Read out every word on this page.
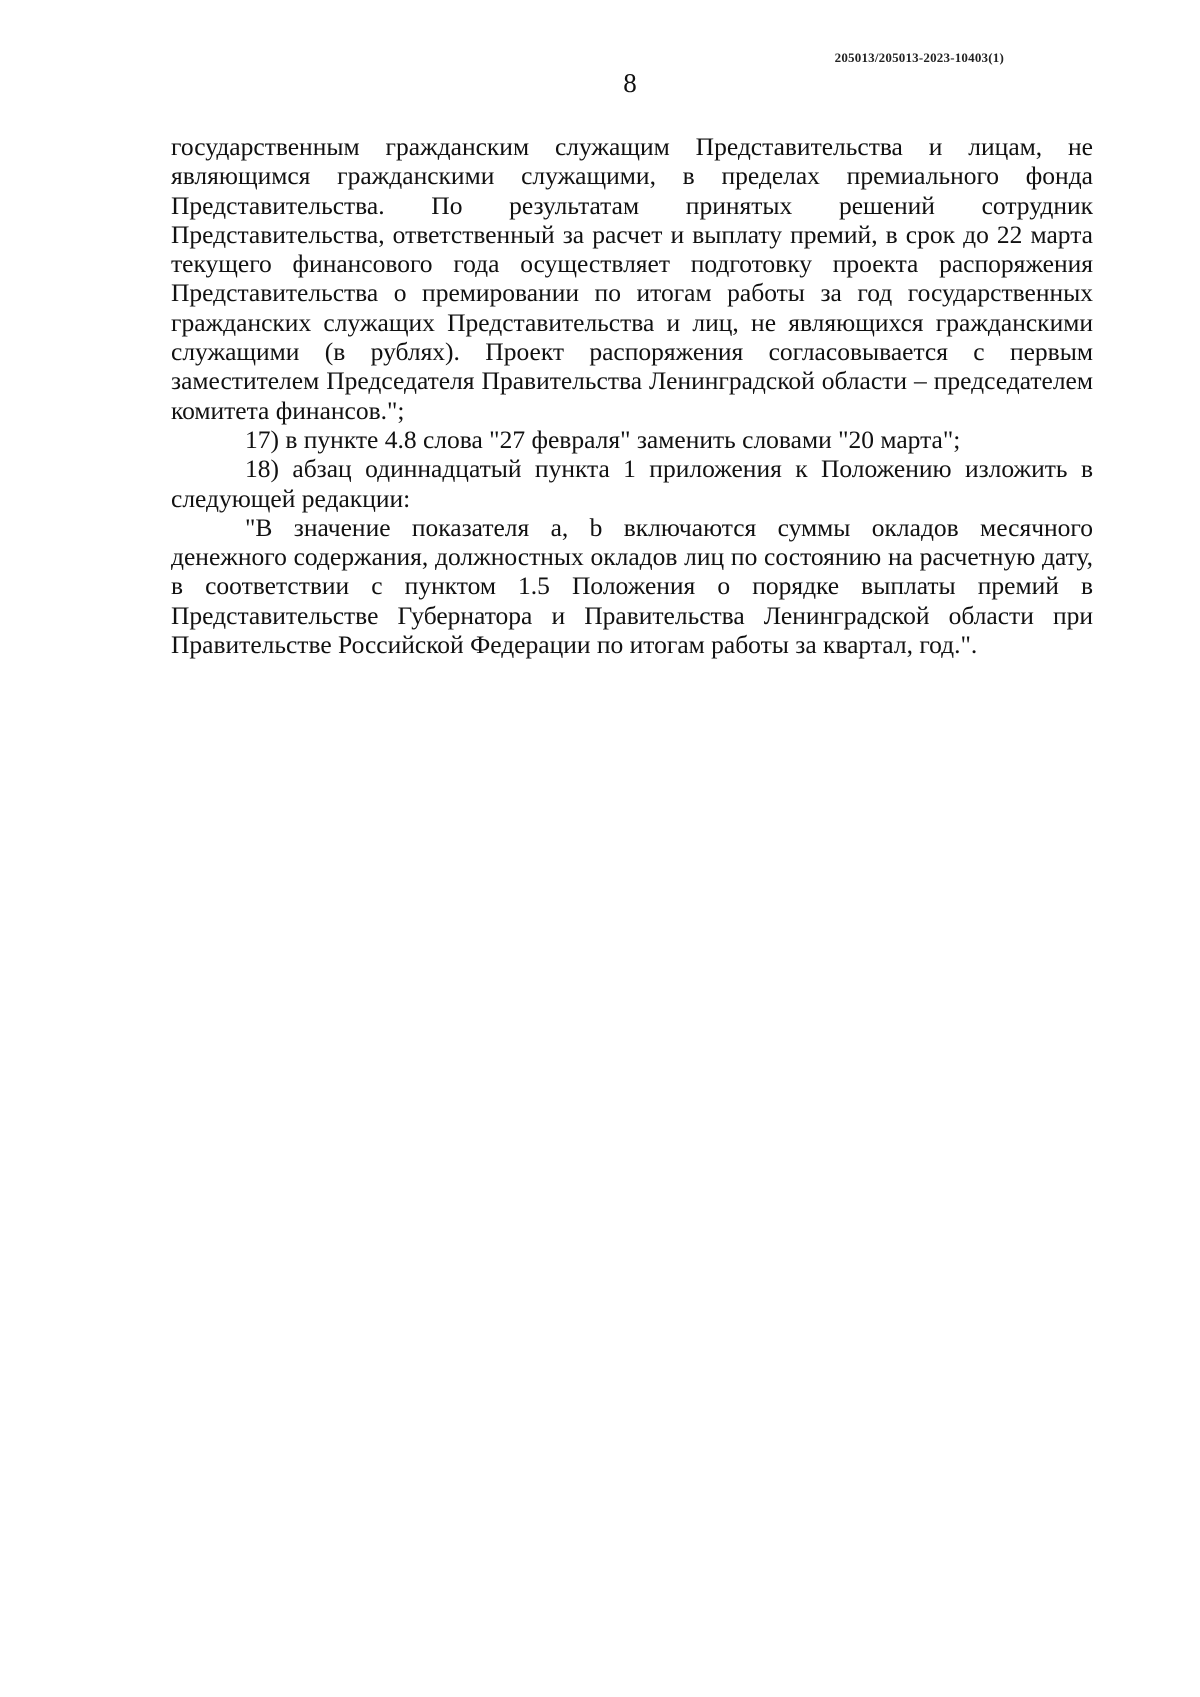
205013/205013-2023-10403(1)
8

государственным гражданским служащим Представительства и лицам, не являющимся гражданскими служащими, в пределах премиального фонда Представительства. По результатам принятых решений сотрудник Представительства, ответственный за расчет и выплату премий, в срок до 22 марта текущего финансового года осуществляет подготовку проекта распоряжения Представительства о премировании по итогам работы за год государственных гражданских служащих Представительства и лиц, не являющихся гражданскими служащими (в рублях). Проект распоряжения согласовывается с первым заместителем Председателя Правительства Ленинградской области – председателем комитета финансов.";

17) в пункте 4.8 слова "27 февраля" заменить словами "20 марта";

18) абзац одиннадцатый пункта 1 приложения к Положению изложить в следующей редакции:

"В значение показателя a, b включаются суммы окладов месячного денежного содержания, должностных окладов лиц по состоянию на расчетную дату, в соответствии с пунктом 1.5 Положения о порядке выплаты премий в Представительстве Губернатора и Правительства Ленинградской области при Правительстве Российской Федерации по итогам работы за квартал, год.".
